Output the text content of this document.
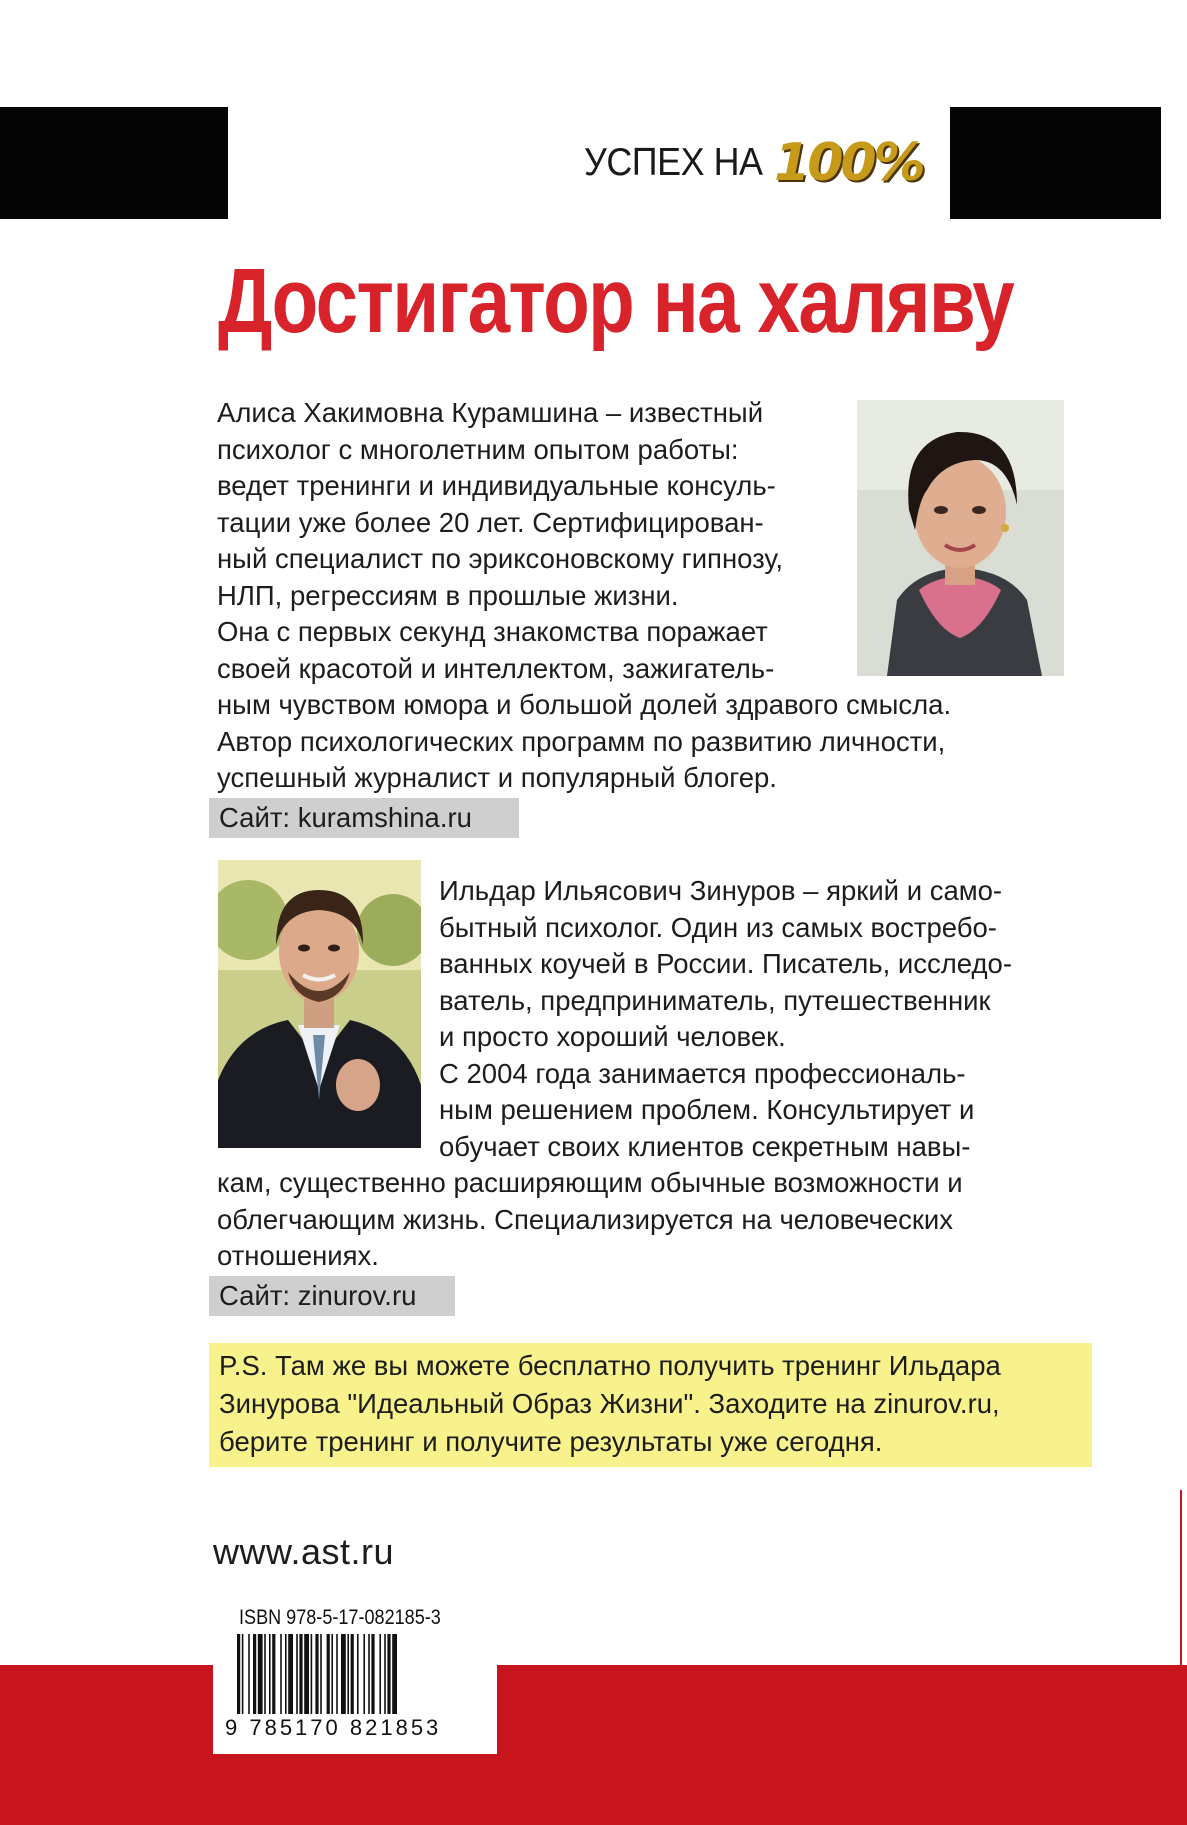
УСПЕХ НА 100%
Достигатор на халяву

Алиса Хакимовна Курамшина – известный

психолог с многолетним опытом работы:

ведет тренинги и индивидуальные консуль-

тации уже более 20 лет. Сертифицирован-

ный специалист по эриксоновскому гипнозу,

НЛП, регрессиям в прошлые жизни.

Она с первых секунд знакомства поражает

своей красотой и интеллектом, зажигатель-

ным чувством юмора и большой долей здравого смысла.

Автор психологических программ по развитию личности,

успешный журналист и популярный блогер.

Сайт: kuramshina.ru

Ильдар Ильясович Зинуров – яркий и само-

бытный психолог. Один из самых востребо-

ванных коучей в России. Писатель, исследо-

ватель, предприниматель, путешественник

и просто хороший человек.

С 2004 года занимается профессиональ-

ным решением проблем. Консультирует и

обучает своих клиентов секретным навы-

кам, существенно расширяющим обычные возможности и

облегчающим жизнь. Специализируется на человеческих

отношениях.

Сайт: zinurov.ru
P.S. Там же вы можете бесплатно получить тренинг Ильдара
Зинурова "Идеальный Образ Жизни". Заходите на zinurov.ru,
берите тренинг и получите результаты уже сегодня.
www.ast.ru
ISBN 978-5-17-082185-3
9 785170 821853
